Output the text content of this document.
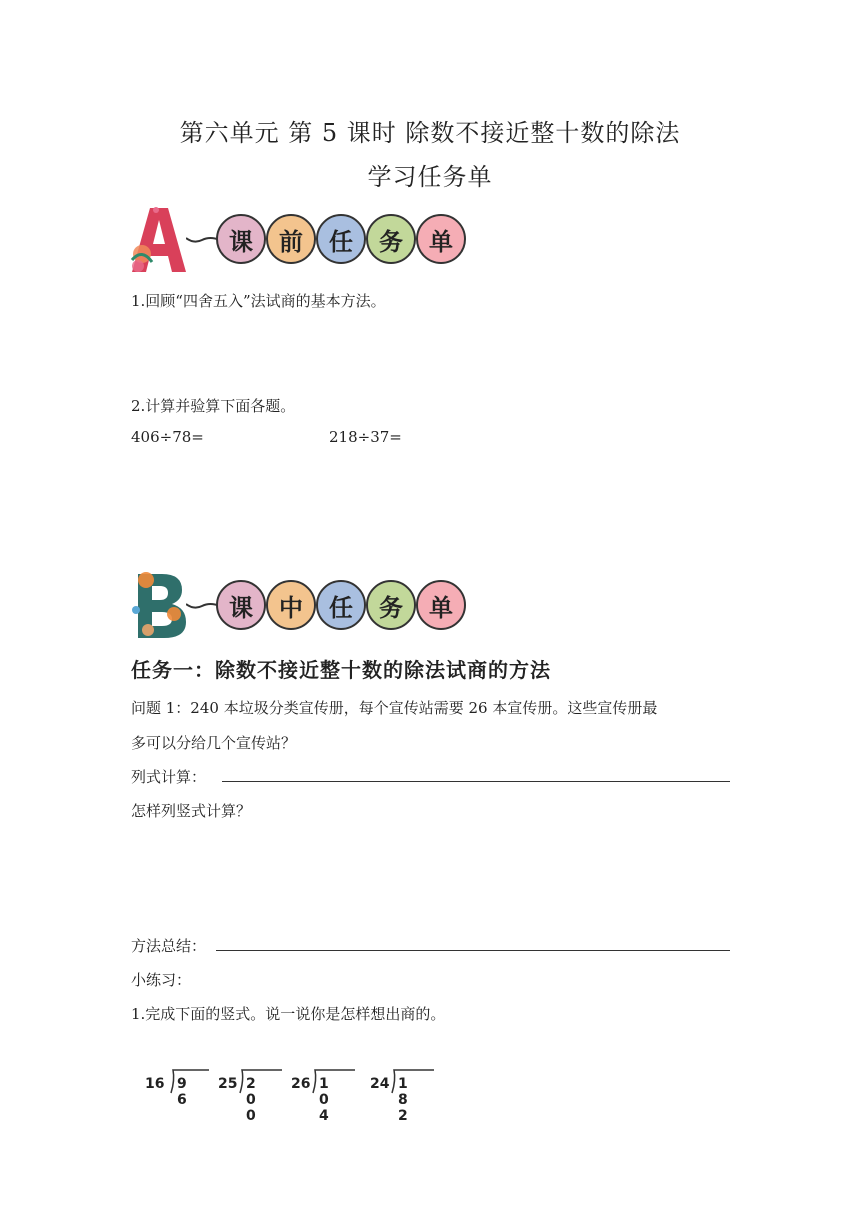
第六单元 第 5 课时 除数不接近整十数的除法
学习任务单
课	前	任	务	单
1.回顾“四舍五入”法试商的基本方法。
2.计算并验算下面各题。
406÷78=	218÷37=
课	中	任	务	单
任务一：除数不接近整十数的除法试商的方法
问题 1：240 本垃圾分类宣传册，每个宣传站需要 26 本宣传册。这些宣传册最
多可以分给几个宣传站？
列式计算：
怎样列竖式计算？
方法总结：
小练习：
1.完成下面的竖式。说一说你是怎样想出商的。
16 9 6
25 2 0 0
26 1 0 4
24 1 8 2
